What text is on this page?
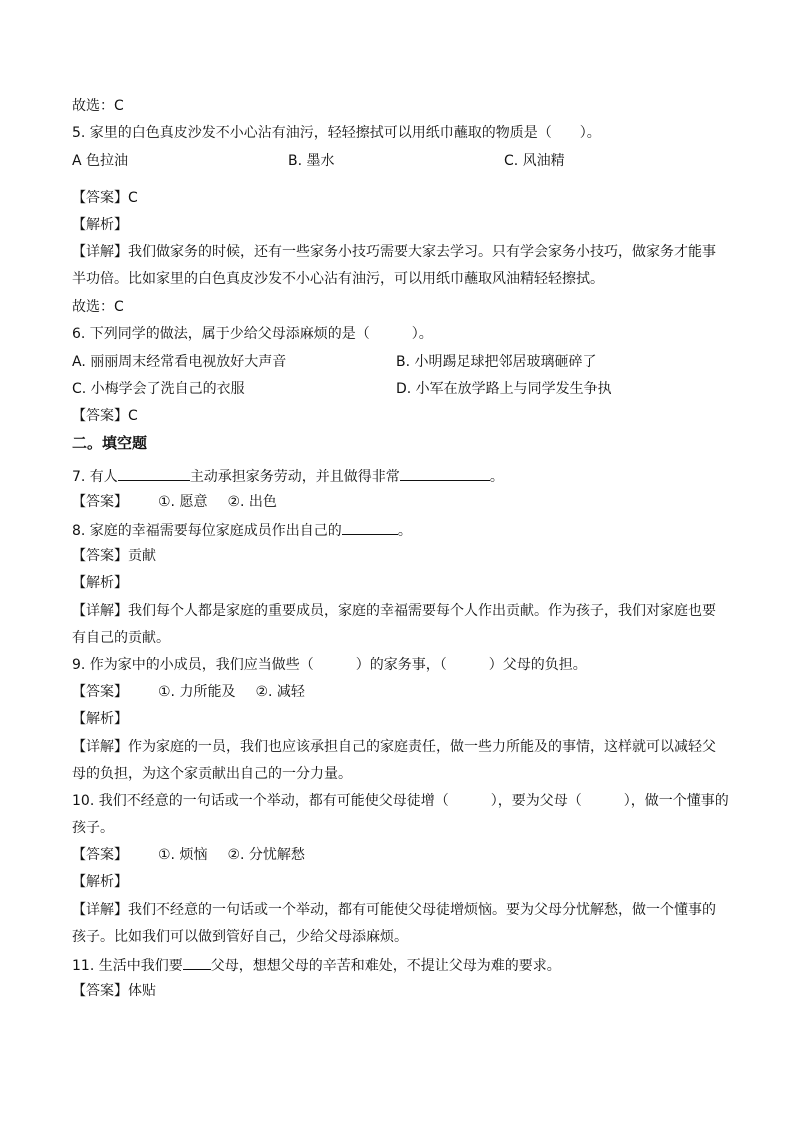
故选：C
5. 家里的白色真皮沙发不小心沾有油污，轻轻擦拭可以用纸巾蘸取的物质是（　　）。
A 色拉油	B. 墨水	C. 风油精
【答案】C
【解析】
【详解】我们做家务的时候，还有一些家务小技巧需要大家去学习。只有学会家务小技巧，做家务才能事
半功倍。比如家里的白色真皮沙发不小心沾有油污，可以用纸巾蘸取风油精轻轻擦拭。
故选：C
6. 下列同学的做法，属于少给父母添麻烦的是（　　　）。
A. 丽丽周末经常看电视放好大声音	B. 小明踢足球把邻居玻璃砸碎了
C. 小梅学会了洗自己的衣服	D. 小军在放学路上与同学发生争执
【答案】C
二。填空题
7. 有人	主动承担家务劳动，并且做得非常	。
【答案】 ①. 愿意 ②. 出色
8. 家庭的幸福需要每位家庭成员作出自己的	。
【答案】贡献
【解析】
【详解】我们每个人都是家庭的重要成员，家庭的幸福需要每个人作出贡献。作为孩子，我们对家庭也要
有自己的贡献。
9. 作为家中的小成员，我们应当做些（　　　）的家务事，（　　　）父母的负担。
【答案】 ①. 力所能及 ②. 减轻
【解析】
【详解】作为家庭的一员，我们也应该承担自己的家庭责任，做一些力所能及的事情，这样就可以减轻父
母的负担，为这个家贡献出自己的一分力量。
10. 我们不经意的一句话或一个举动，都有可能使父母徒增（　　　），要为父母（　　　），做一个懂事的
孩子。
【答案】 ①. 烦恼 ②. 分忧解愁
【解析】
【详解】我们不经意的一句话或一个举动，都有可能使父母徒增烦恼。要为父母分忧解愁，做一个懂事的
孩子。比如我们可以做到管好自己，少给父母添麻烦。
11. 生活中我们要 父母，想想父母的辛苦和难处，不提让父母为难的要求。
【答案】体贴
